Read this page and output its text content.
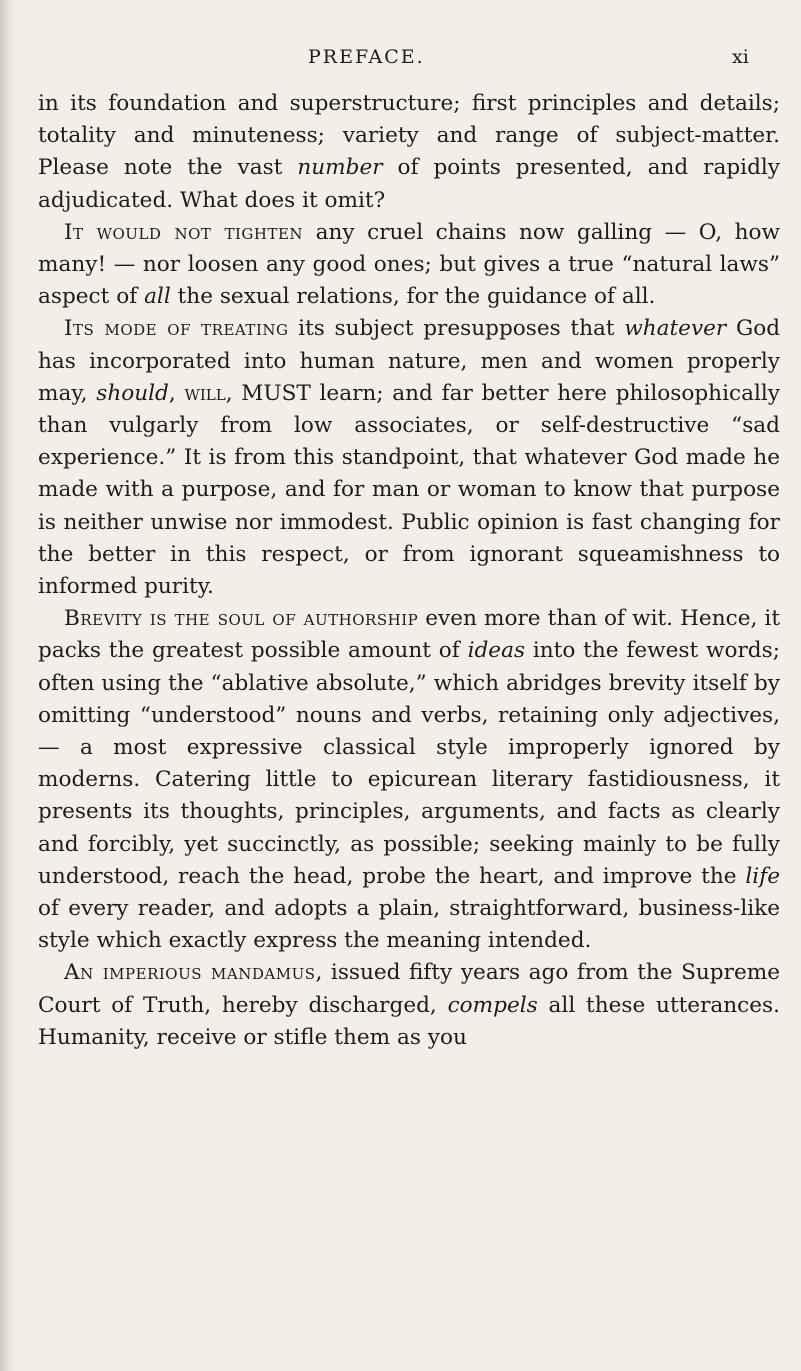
PREFACE.	xi

in its foundation and superstructure; first principles and details; totality and minuteness; variety and range of subject-matter. Please note the vast number of points presented, and rapidly adjudicated. What does it omit?

It would not tighten any cruel chains now galling — O, how many! — nor loosen any good ones; but gives a true “natural laws” aspect of all the sexual relations, for the guidance of all.

Its mode of treating its subject presupposes that whatever God has incorporated into human nature, men and women properly may, should, will, MUST learn; and far better here philosophically than vulgarly from low associates, or self-destructive “sad experience.” It is from this standpoint, that whatever God made he made with a purpose, and for man or woman to know that purpose is neither unwise nor immodest. Public opinion is fast changing for the better in this respect, or from ignorant squeamishness to informed purity.

Brevity is the soul of authorship even more than of wit. Hence, it packs the greatest possible amount of ideas into the fewest words; often using the “ablative absolute,” which abridges brevity itself by omitting “understood” nouns and verbs, retaining only adjectives, — a most expressive classical style improperly ignored by moderns. Catering little to epicurean literary fastidiousness, it presents its thoughts, principles, arguments, and facts as clearly and forcibly, yet succinctly, as possible; seeking mainly to be fully understood, reach the head, probe the heart, and improve the life of every reader, and adopts a plain, straightforward, business-like style which exactly express the meaning intended.

An imperious mandamus, issued fifty years ago from the Supreme Court of Truth, hereby discharged, compels all these utterances. Humanity, receive or stifle them as you
